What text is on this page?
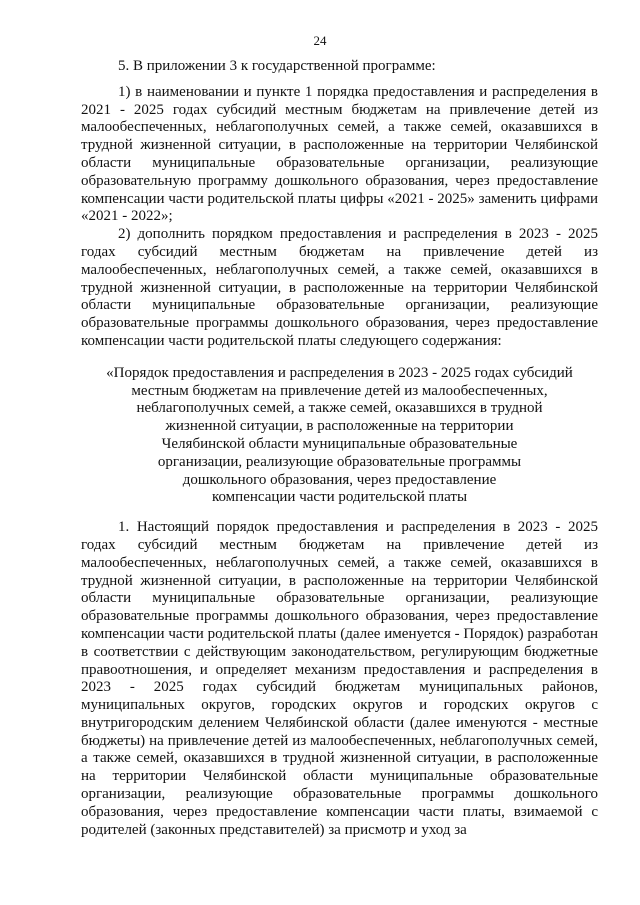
24

5. В приложении 3 к государственной программе:

1) в наименовании и пункте 1 порядка предоставления и распределения в 2021 - 2025 годах субсидий местным бюджетам на привлечение детей из малообеспеченных, неблагополучных семей, а также семей, оказавшихся в трудной жизненной ситуации, в расположенные на территории Челябинской области муниципальные образовательные организации, реализующие образовательную программу дошкольного образования, через предоставление компенсации части родительской платы цифры «2021 - 2025» заменить цифрами «2021 - 2022»;

2) дополнить порядком предоставления и распределения в 2023 - 2025 годах субсидий местным бюджетам на привлечение детей из малообеспеченных, неблагополучных семей, а также семей, оказавшихся в трудной жизненной ситуации, в расположенные на территории Челябинской области муниципальные образовательные организации, реализующие образовательные программы дошкольного образования, через предоставление компенсации части родительской платы следующего содержания:

«Порядок предоставления и распределения в 2023 - 2025 годах субсидий
местным бюджетам на привлечение детей из малообеспеченных,
неблагополучных семей, а также семей, оказавшихся в трудной
жизненной ситуации, в расположенные на территории
Челябинской области муниципальные образовательные
организации, реализующие образовательные программы
дошкольного образования, через предоставление
компенсации части родительской платы

1. Настоящий порядок предоставления и распределения в 2023 - 2025 годах субсидий местным бюджетам на привлечение детей из малообеспеченных, неблагополучных семей, а также семей, оказавшихся в трудной жизненной ситуации, в расположенные на территории Челябинской области муниципальные образовательные организации, реализующие образовательные программы дошкольного образования, через предоставление компенсации части родительской платы (далее именуется - Порядок) разработан в соответствии с действующим законодательством, регулирующим бюджетные правоотношения, и определяет механизм предоставления и распределения в 2023 - 2025 годах субсидий бюджетам муниципальных районов, муниципальных округов, городских округов и городских округов с внутригородским делением Челябинской области (далее именуются - местные бюджеты) на привлечение детей из малообеспеченных, неблагополучных семей, а также семей, оказавшихся в трудной жизненной ситуации, в расположенные на территории Челябинской области муниципальные образовательные организации, реализующие образовательные программы дошкольного образования, через предоставление компенсации части платы, взимаемой с родителей (законных представителей) за присмотр и уход за
